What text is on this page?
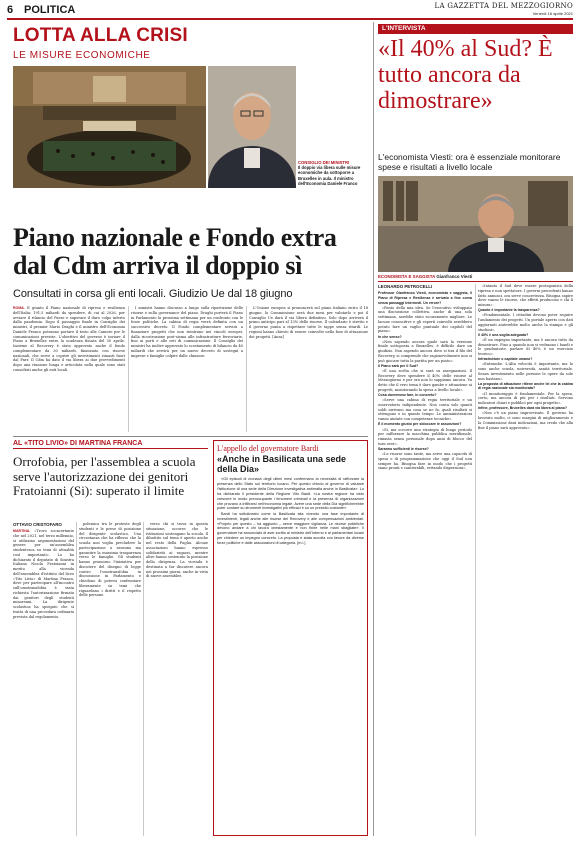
6 POLITICA	LA GAZZETTA DEL MEZZOGIORNO
Venerdì 16 aprile 2021
LOTTA ALLA CRISI
LE MISURE ECONOMICHE
CONSIGLIO DEI MINISTRI
Il doppio via libera sulle misure economiche da sottoporre a Bruxelles in aula. Il ministro dell'Economia Daniele Franco
Piano nazionale e Fondo extra dal Cdm arriva il doppio sì
Consultati in corsa gli enti locali. Giudizio Ue dal 18 giugno

ROMA. È giunto il Piano nazionale di ripresa e resilienza dell'Italia: 191,5 miliardi da spendere, di cui al 2026, per avviare il rilancio del Paese e superare il duro colpo inferto dalla pandemia. Dopo il passaggio finale in Consiglio dei ministri, il premier Mario Draghi e il ministro dell'Economia Daniele Franco potranno portare il testo alle Camere per le comunicazioni previste. L'obiettivo del governo è inviare il Piano a Bruxelles entro la scadenza fissata del 30 aprile. Insieme al Recovery è stato approvato anche il fondo complementare da 30 miliardi, finanziato con risorse nazionali, che serve a coprire gli investimenti rimasti fuori dal Pnrr. Il Cdm ha dato il via libera ai due provvedimenti dopo una riunione lunga e articolata nella quale sono stati consultati anche gli enti locali.

I ministri hanno discusso a lungo sulla ripartizione delle risorse e sulla governance del piano. Draghi porterà il Piano in Parlamento la prossima settimana per un confronto con le forze politiche. La cabina di regia verrà definita con un successivo decreto. Il Fondo complementare servirà a finanziare progetti che non rientrano nei vincoli europei, dalla ricostruzione post-sisma alle infrastrutture ferroviarie, fino ai porti e alle reti di comunicazione. Il Consiglio dei ministri ha inoltre approvato lo scostamento di bilancio da 40 miliardi che servirà per un nuovo decreto di sostegni a imprese e famiglie colpite dalle chiusure.

L'Unione europea si pronuncerà sul piano italiano entro il 18 giugno: la Commissione avrà due mesi per valutarlo e poi il Consiglio Ue darà il via libera definitivo. Solo dopo arriverà il primo anticipo pari al 13% delle risorse. Il calendario è stretto e il governo punta a rispettare tutte le tappe senza ritardi. Le regioni hanno chiesto di essere coinvolte nella fase di attuazione dei progetti. [Ansa]

L'INTERVISTA
«Il 40% al Sud? È tutto ancora da dimostrare»
L'economista Viesti: ora è essenziale monitorare spese e risultati a livello locale
ECONOMISTA E SAGGISTA Gianfranco Viesti
LEONARDO PETROCELLI

Professor Gianfranco Viesti, economista e saggista, il Piano di Ripresa e Resilienza è arrivato a fine corsa senza passaggi intermedi. Un errore?

«Resto della mia idea. Se l'esecutivo sviluppato una discussione collettiva, anche di una sola settimana, sarebbe stato sicuramente migliore. Le lacune conoscitive e gli esperti coinvolti avrebbero potuto fare un vaglio puntuale dei capitoli del piano».

In che senso?

«Non sapendo ancora quale sarà la versione finale sottoposta a Bruxelles, è difficile dare un giudizio. Non sapendo ancora dove si tira il filo del Recovery, si comprende che ragionevolmente non si può giocare tutta la partita per un posto».

Il Piano sarà per il Sud?

«È una scelta che si sarà su assegnazioni. Il Recovery deve spendere il 40% delle risorse al Mezzogiorno e per ora non lo sappiamo ancora. Va detto che il vero tema è dare gambe e attuazione ai progetti, monitorando la spesa a livello locale».

Cosa dovremmo fare, in concreto?

«Serve una cabina di regia territoriale e un osservatorio indipendente. Non conta solo quanti soldi arrivano ma cosa se ne fa, quali risultati si ottengono e in quanto tempo. Le amministrazioni vanno aiutate con competenze tecniche».

È il momento giusto per sbloccare le assunzioni?

«Sì, ma occorre una strategia di lungo periodo per rafforzare la macchina pubblica meridionale, rimasta senza personale dopo anni di blocco del turn over».

Saranno sufficienti le risorse?

«Le risorse sono tante, ma serve una capacità di spesa e di programmazione che oggi il Sud non sempre ha. Bisogna fare in modo che i progetti siano pronti e cantierabili, evitando dispersioni».

«Intanto il Sud deve essere protagonista della ripresa e non spettatore. I governi precedenti hanno fatto annunci, ora serve concretezza. Bisogna capire dove vanno le risorse, che effetti producono e chi li misura».

Quanto è importante la trasparenza?

«Fondamentale. I cittadini devono poter seguire l'andamento dei progetti. Un portale aperto con dati aggiornati aiuterebbe molto anche la stampa e gli studiosi».

Il 40% è una soglia adeguata?

«È un impegno importante, ma è ancora tutto da dimostrare. Fino a quando non si vedranno i bandi e le graduatorie, parlare di 40% è un esercizio teorico».

Infrastrutture o capitale umano?

«Entrambe. L'Alta velocità è importante, ma lo sono anche scuola, università, sanità territoriale. Senza investimento nelle persone le opere da sole non bastano».

La proposta di attuazione ritiene anche lei che la cabina di regia nazionale sia monitorata?

«Il monitoraggio è fondamentale. Per la spesa, certo, ma ancora di più per i risultati. Servono indicatori chiari e pubblici per ogni progetto».

Infine, professore, Bruxelles darà via libera al piano?

«Non c'è un piano improvvisato. Il governo ha lavorato molto, ci sono margini di miglioramento e la Commissione darà indicazioni, ma credo che alla fine il piano sarà approvato».

AL «TITO LIVIO» DI MARTINA FRANCA
Orrofobia, per l'assemblea a scuola serve l'autorizzazione dei genitori Fratoianni (Si): superato il limite
OTTAVIO CRISTOFARO

MARTINA. «Trovo sconcertante che nel 2021, nel terzo millennio, si utilizzino argomentazioni del genere per un'assemblea studentesca su temi di attualità così importanti». Lo ha dichiarato il deputato di Sinistra Italiana Nicola Fratoianni in merito alla vicenda dell'assemblea d'istituto del liceo «Tito Livio» di Martina Franca, dove per partecipare all'incontro sull'omotransfobia è stata richiesta l'autorizzazione firmata dai genitori degli studenti minorenni. La dirigente scolastica ha spiegato che si tratta di una procedura ordinaria prevista dal regolamento.

polemica tra le proteste degli studenti e le prese di posizione del dirigente scolastico. Una circostanza che ha riflesso che la scuola non voglia precludere la partecipazione a nessuno ma garantire la massima trasparenza verso le famiglie. Gli studenti hanno promosso l'iniziativa per discutere del disegno di legge contro l'omotransfobia in discussione in Parlamento e chiedono di potersi confrontare liberamente su temi che riguardano i diritti e il rispetto delle persone.

verso chi si trova in questa situazione, occorre che le istituzioni sostengano la scuola. Il dibattito sul tema è aperto anche nel resto della Puglia. Alcune associazioni hanno espresso solidarietà ai ragazzi, mentre altre hanno sostenuto la posizione della dirigenza. La vicenda è destinata a far discutere ancora nei prossimi giorni, anche in vista di nuove assemblee.

L'appello del governatore Bardi
«Anche in Basilicata una sede della Dia»

«Gli episodi di cronaca degli ultimi mesi confermano la necessità di rafforzare la presenza dello Stato sul territorio lucano. Per questo chiedo al governo di valutare l'istituzione di una sede della Direzione investigativa antimafia anche in Basilicata». Lo ha dichiarato il presidente della Regione Vito Bardi. «La nostra regione ha visto crescere in modo preoccupante i fenomeni criminali e la presenza di organizzazioni che provano a infiltrarsi nell'economia legale. Avere una sede della Dia significherebbe poter contare su strumenti investigativi più efficaci e su un presidio costante».

Bardi ha sottolineato come la Basilicata stia vivendo una fase importante di investimenti, legati anche alle risorse del Recovery e alle compensazioni ambientali. «Proprio per questo – ha aggiunto – serve maggiore vigilanza. Le risorse pubbliche devono andare a chi lavora onestamente e non finire nelle mani sbagliate». Il governatore ha annunciato di aver scritto al ministro dell'Interno e ai parlamentari lucani per chiedere un impegno concreto. La proposta è stata accolta con favore da diverse forze politiche e dalle associazioni di categoria. [m.l.]
